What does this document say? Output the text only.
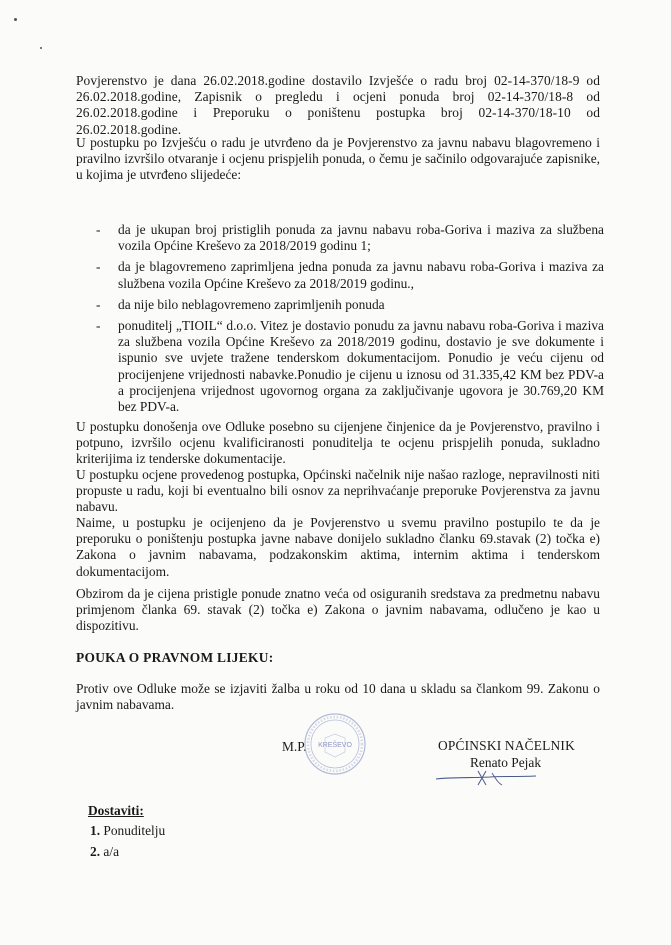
Povjerenstvo je dana 26.02.2018.godine dostavilo Izvješće o radu broj 02-14-370/18-9 od 26.02.2018.godine, Zapisnik o pregledu i ocjeni ponuda broj 02-14-370/18-8 od 26.02.2018.godine i Preporuku o poništenu postupka broj 02-14-370/18-10 od 26.02.2018.godine.
U postupku po Izvješću o radu je utvrđeno da je Povjerenstvo za javnu nabavu blagovremeno i pravilno izvršilo otvaranje i ocjenu prispjelih ponuda, o čemu je sačinilo odgovarajuće zapisnike, u kojima je utvrđeno slijedeće:
- da je ukupan broj pristiglih ponuda za javnu nabavu roba-Goriva i maziva za službena vozila Općine Kreševo za 2018/2019 godinu 1;
- da je blagovremeno zaprimljena jedna ponuda za javnu nabavu roba-Goriva i maziva za službena vozila Općine Kreševo za 2018/2019 godinu.,
- da nije bilo neblagovremeno zaprimljenih ponuda
- ponuditelj „TIOIL“ d.o.o. Vitez je dostavio ponudu za javnu nabavu roba-Goriva i maziva za službena vozila Općine Kreševo za 2018/2019 godinu, dostavio je sve dokumente i ispunio sve uvjete tražene tenderskom dokumentacijom. Ponudio je veću cijenu od procijenjene vrijednosti nabavke.Ponudio je cijenu u iznosu od 31.335,42 KM bez PDV-a a procijenjena vrijednost ugovornog organa za zaključivanje ugovora je 30.769,20 KM bez PDV-a.
U postupku donošenja ove Odluke posebno su cijenjene činjenice da je Povjerenstvo, pravilno i potpuno, izvršilo ocjenu kvalificiranosti ponuditelja te ocjenu prispjelih ponuda, sukladno kriterijima iz tenderske dokumentacije.
U postupku ocjene provedenog postupka, Općinski načelnik nije našao razloge, nepravilnosti niti propuste u radu, koji bi eventualno bili osnov za neprihvaćanje preporuke Povjerenstva za javnu nabavu.
Naime, u postupku je ocijenjeno da je Povjerenstvo u svemu pravilno postupilo te da je preporuku o poništenju postupka javne nabave donijelo sukladno članku 69.stavak (2) točka e) Zakona o javnim nabavama, podzakonskim aktima, internim aktima i tenderskom dokumentacijom.
Obzirom da je cijena pristigle ponude znatno veća od osiguranih sredstava za predmetnu nabavu primjenom članka 69. stavak (2) točka e) Zakona o javnim nabavama, odlučeno je kao u dispozitivu.
POUKA O PRAVNOM LIJEKU:
Protiv ove Odluke može se izjaviti žalba u roku od 10 dana u skladu sa člankom 99. Zakonu o javnim nabavama.
M.P. KREŠEVO	OPĆINSKI NAČELNIK
Renato Pejak
Dostaviti:
1. Ponuditelju
2. a/a
